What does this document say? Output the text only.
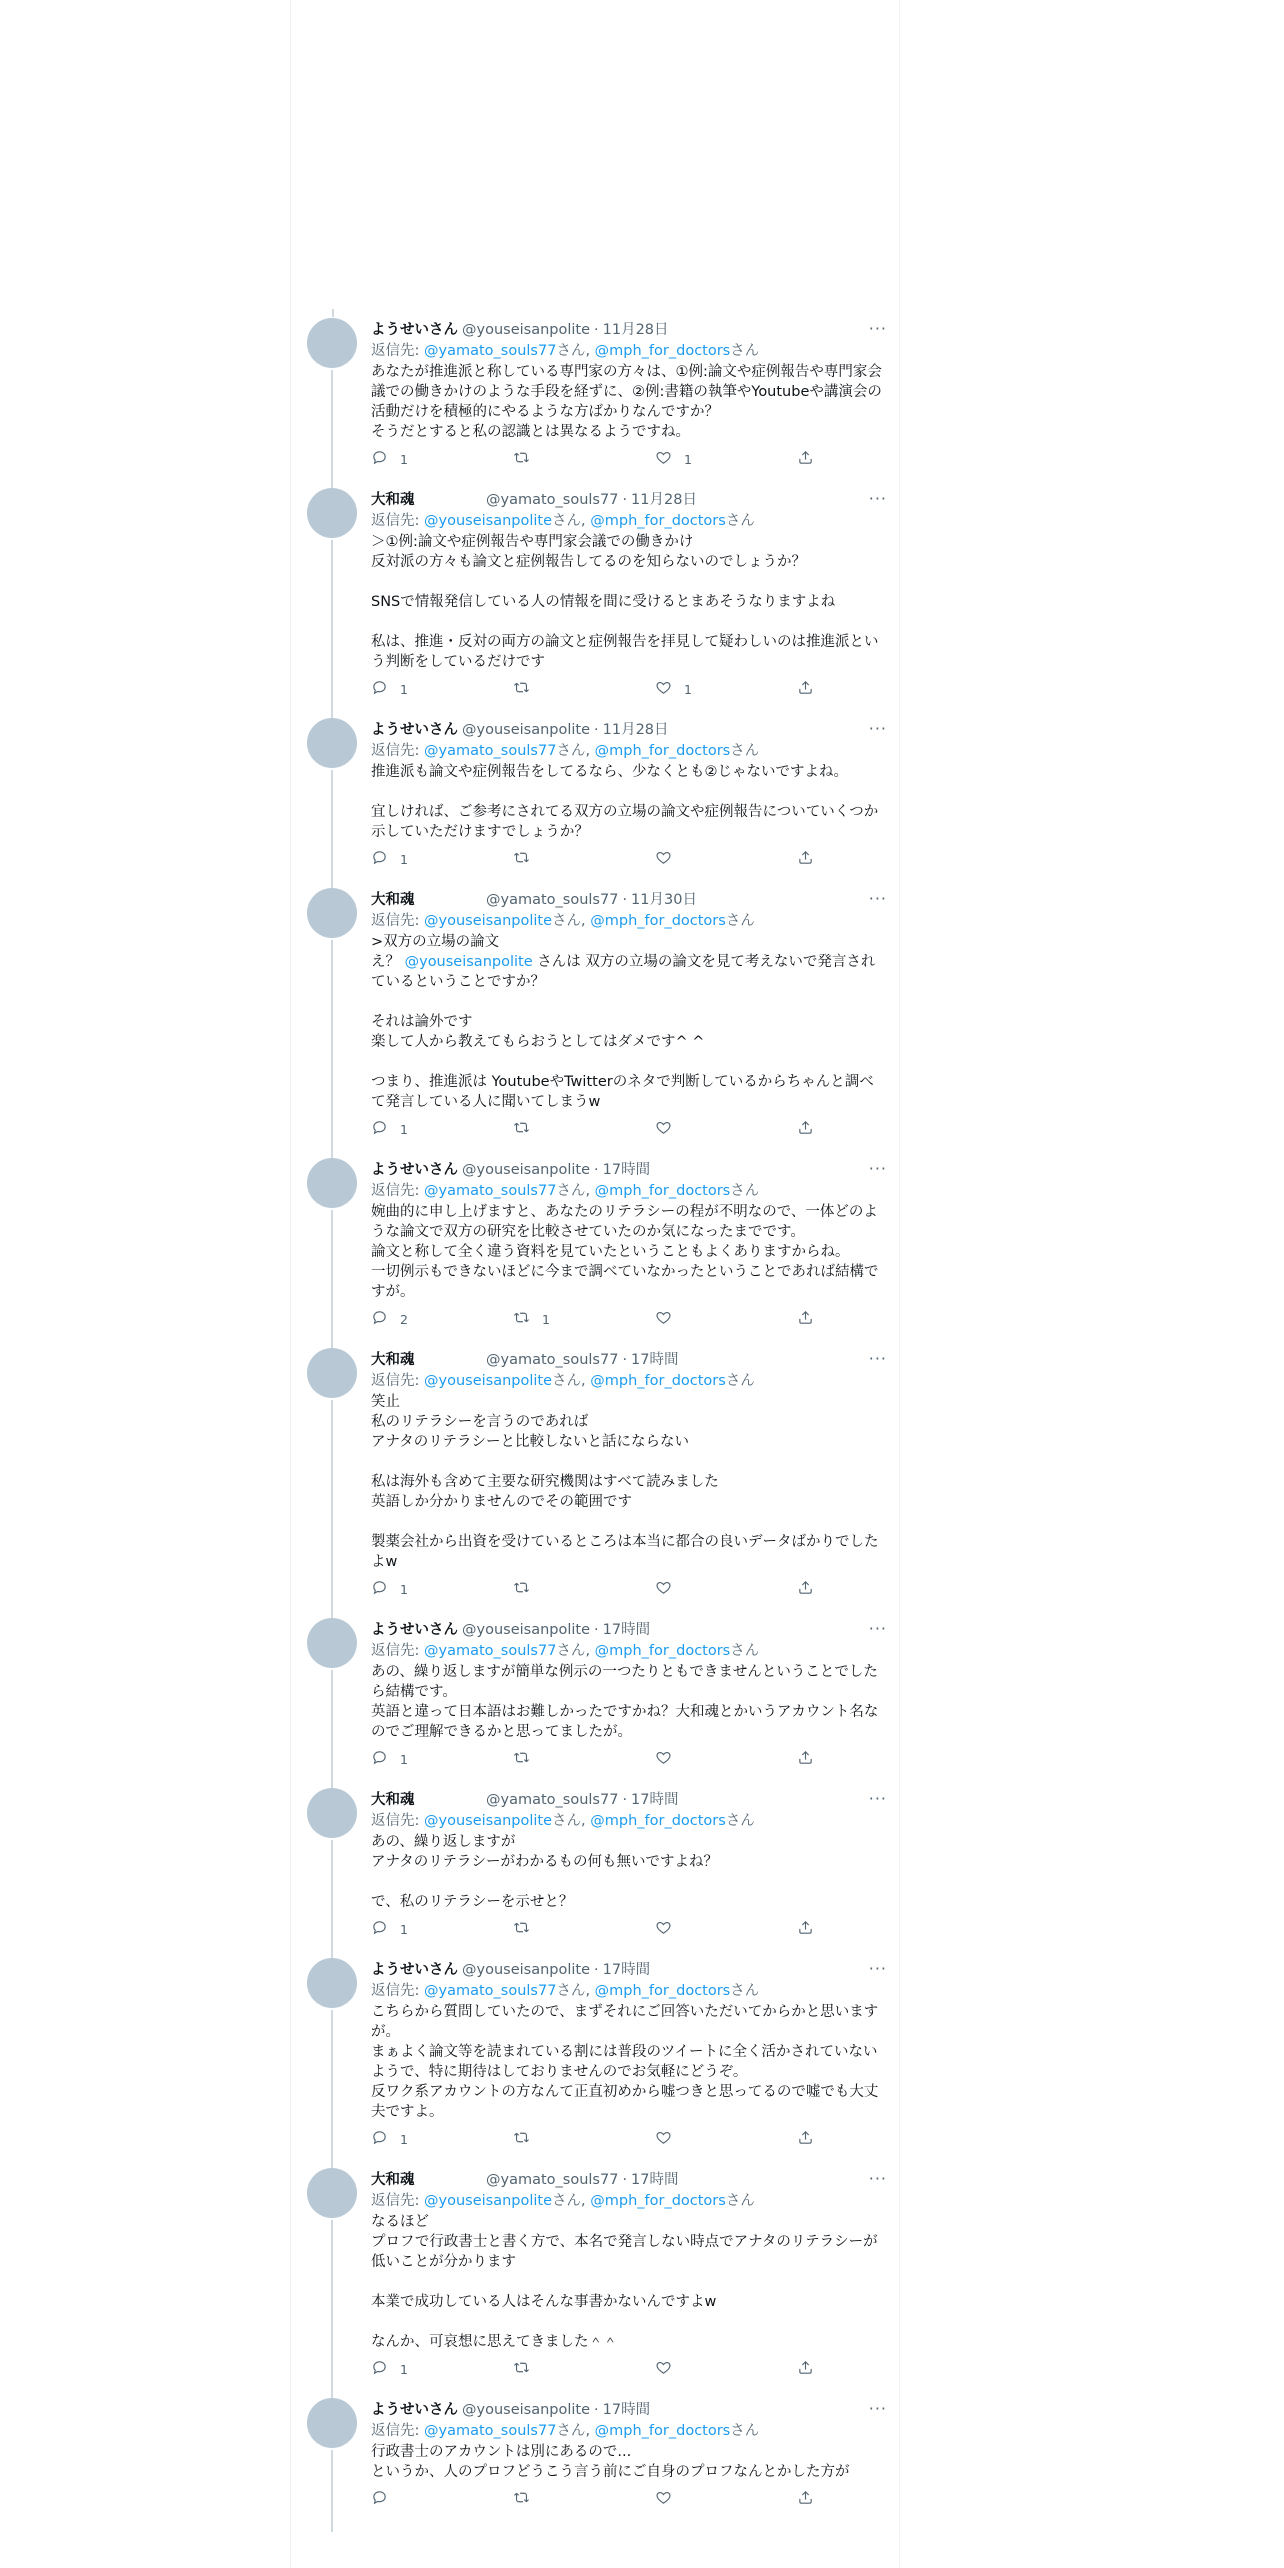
ようせいさん @youseisanpolite · 11月28日	···
返信先: @yamato_souls77さん, @mph_for_doctorsさん
あなたが推進派と称している専門家の方々は、①例:論文や症例報告や専門家会議での働きかけのような手段を経ずに、②例:書籍の執筆やYoutubeや講演会の活動だけを積極的にやるような方ばかりなんですか？
そうだとすると私の認識とは異なるようですね。
1	1
大和魂	@yamato_souls77 · 11月28日	···
返信先: @youseisanpoliteさん, @mph_for_doctorsさん
＞①例:論文や症例報告や専門家会議での働きかけ
反対派の方々も論文と症例報告してるのを知らないのでしょうか？

SNSで情報発信している人の情報を間に受けるとまあそうなりますよね

私は、推進・反対の両方の論文と症例報告を拝見して疑わしいのは推進派という判断をしているだけです
1	1
ようせいさん @youseisanpolite · 11月28日	···
返信先: @yamato_souls77さん, @mph_for_doctorsさん
推進派も論文や症例報告をしてるなら、少なくとも②じゃないですよね。

宜しければ、ご参考にされてる双方の立場の論文や症例報告についていくつか示していただけますでしょうか？
1
大和魂	@yamato_souls77 · 11月30日	···
返信先: @youseisanpoliteさん, @mph_for_doctorsさん
>双方の立場の論文
え？ @youseisanpolite さんは 双方の立場の論文を見て考えないで発言されているということですか？

それは論外です
楽して人から教えてもらおうとしてはダメです^ ^

つまり、推進派は YoutubeやTwitterのネタで判断しているからちゃんと調べて発言している人に聞いてしまうw
1
ようせいさん @youseisanpolite · 17時間	···
返信先: @yamato_souls77さん, @mph_for_doctorsさん
婉曲的に申し上げますと、あなたのリテラシーの程が不明なので、一体どのような論文で双方の研究を比較させていたのか気になったまでです。
論文と称して全く違う資料を見ていたということもよくありますからね。
一切例示もできないほどに今まで調べていなかったということであれば結構ですが。
2	1
大和魂	@yamato_souls77 · 17時間	···
返信先: @youseisanpoliteさん, @mph_for_doctorsさん
笑止
私のリテラシーを言うのであれば
アナタのリテラシーと比較しないと話にならない

私は海外も含めて主要な研究機関はすべて読みました
英語しか分かりませんのでその範囲です

製薬会社から出資を受けているところは本当に都合の良いデータばかりでしたよw
1
ようせいさん @youseisanpolite · 17時間	···
返信先: @yamato_souls77さん, @mph_for_doctorsさん
あの、繰り返しますが簡単な例示の一つたりともできませんということでしたら結構です。
英語と違って日本語はお難しかったですかね？大和魂とかいうアカウント名なのでご理解できるかと思ってましたが。
1
大和魂	@yamato_souls77 · 17時間	···
返信先: @youseisanpoliteさん, @mph_for_doctorsさん
あの、繰り返しますが
アナタのリテラシーがわかるもの何も無いですよね？

で、私のリテラシーを示せと？
1
ようせいさん @youseisanpolite · 17時間	···
返信先: @yamato_souls77さん, @mph_for_doctorsさん
こちらから質問していたので、まずそれにご回答いただいてからかと思いますが。
まぁよく論文等を読まれている割には普段のツイートに全く活かされていないようで、特に期待はしておりませんのでお気軽にどうぞ。
反ワク系アカウントの方なんて正直初めから嘘つきと思ってるので嘘でも大丈夫ですよ。
1
大和魂	@yamato_souls77 · 17時間	···
返信先: @youseisanpoliteさん, @mph_for_doctorsさん
なるほど
プロフで行政書士と書く方で、本名で発言しない時点でアナタのリテラシーが低いことが分かります

本業で成功している人はそんな事書かないんですよw

なんか、可哀想に思えてきました＾＾
1
ようせいさん @youseisanpolite · 17時間	···
返信先: @yamato_souls77さん, @mph_for_doctorsさん
行政書士のアカウントは別にあるので...
というか、人のプロフどうこう言う前にご自身のプロフなんとかした方が
